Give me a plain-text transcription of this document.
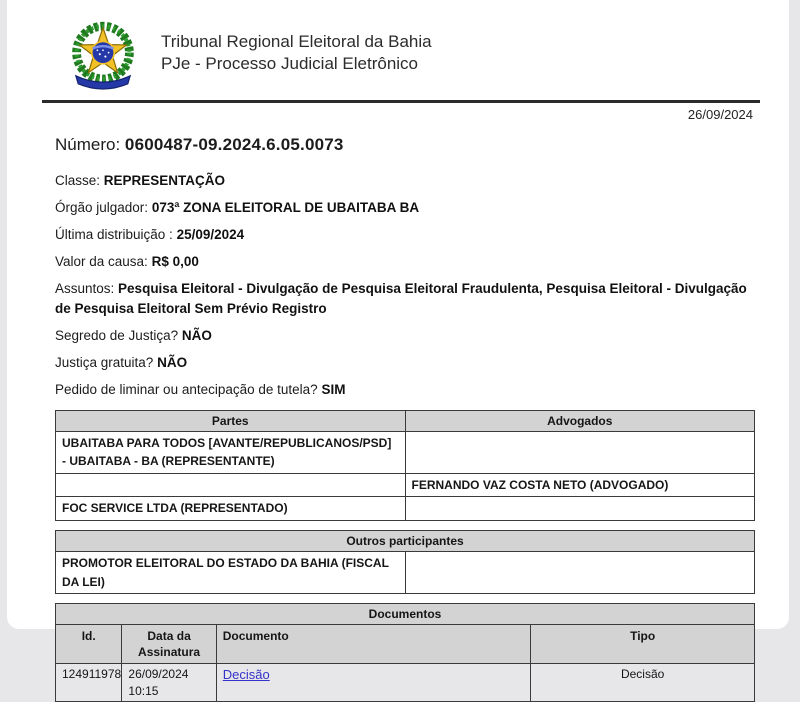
Tribunal Regional Eleitoral da Bahia
PJe - Processo Judicial Eletrônico
26/09/2024

Número: 0600487-09.2024.6.05.0073

Classe: REPRESENTAÇÃO

Órgão julgador: 073ª ZONA ELEITORAL DE UBAITABA BA

Última distribuição : 25/09/2024

Valor da causa: R$ 0,00

Assuntos: Pesquisa Eleitoral - Divulgação de Pesquisa Eleitoral Fraudulenta, Pesquisa Eleitoral - Divulgação de Pesquisa Eleitoral Sem Prévio Registro

Segredo de Justiça? NÃO

Justiça gratuita? NÃO

Pedido de liminar ou antecipação de tutela? SIM

Partes	Advogados
UBAITABA PARA TODOS [AVANTE/REPUBLICANOS/PSD] - UBAITABA - BA (REPRESENTANTE)	
	FERNANDO VAZ COSTA NETO (ADVOGADO)
FOC SERVICE LTDA (REPRESENTADO)	
Outros participantes
PROMOTOR ELEITORAL DO ESTADO DA BAHIA (FISCAL DA LEI)	
Documentos			
Id.	Data da Assinatura	Documento	Tipo
124911978	26/09/2024 10:15	Decisão	Decisão
